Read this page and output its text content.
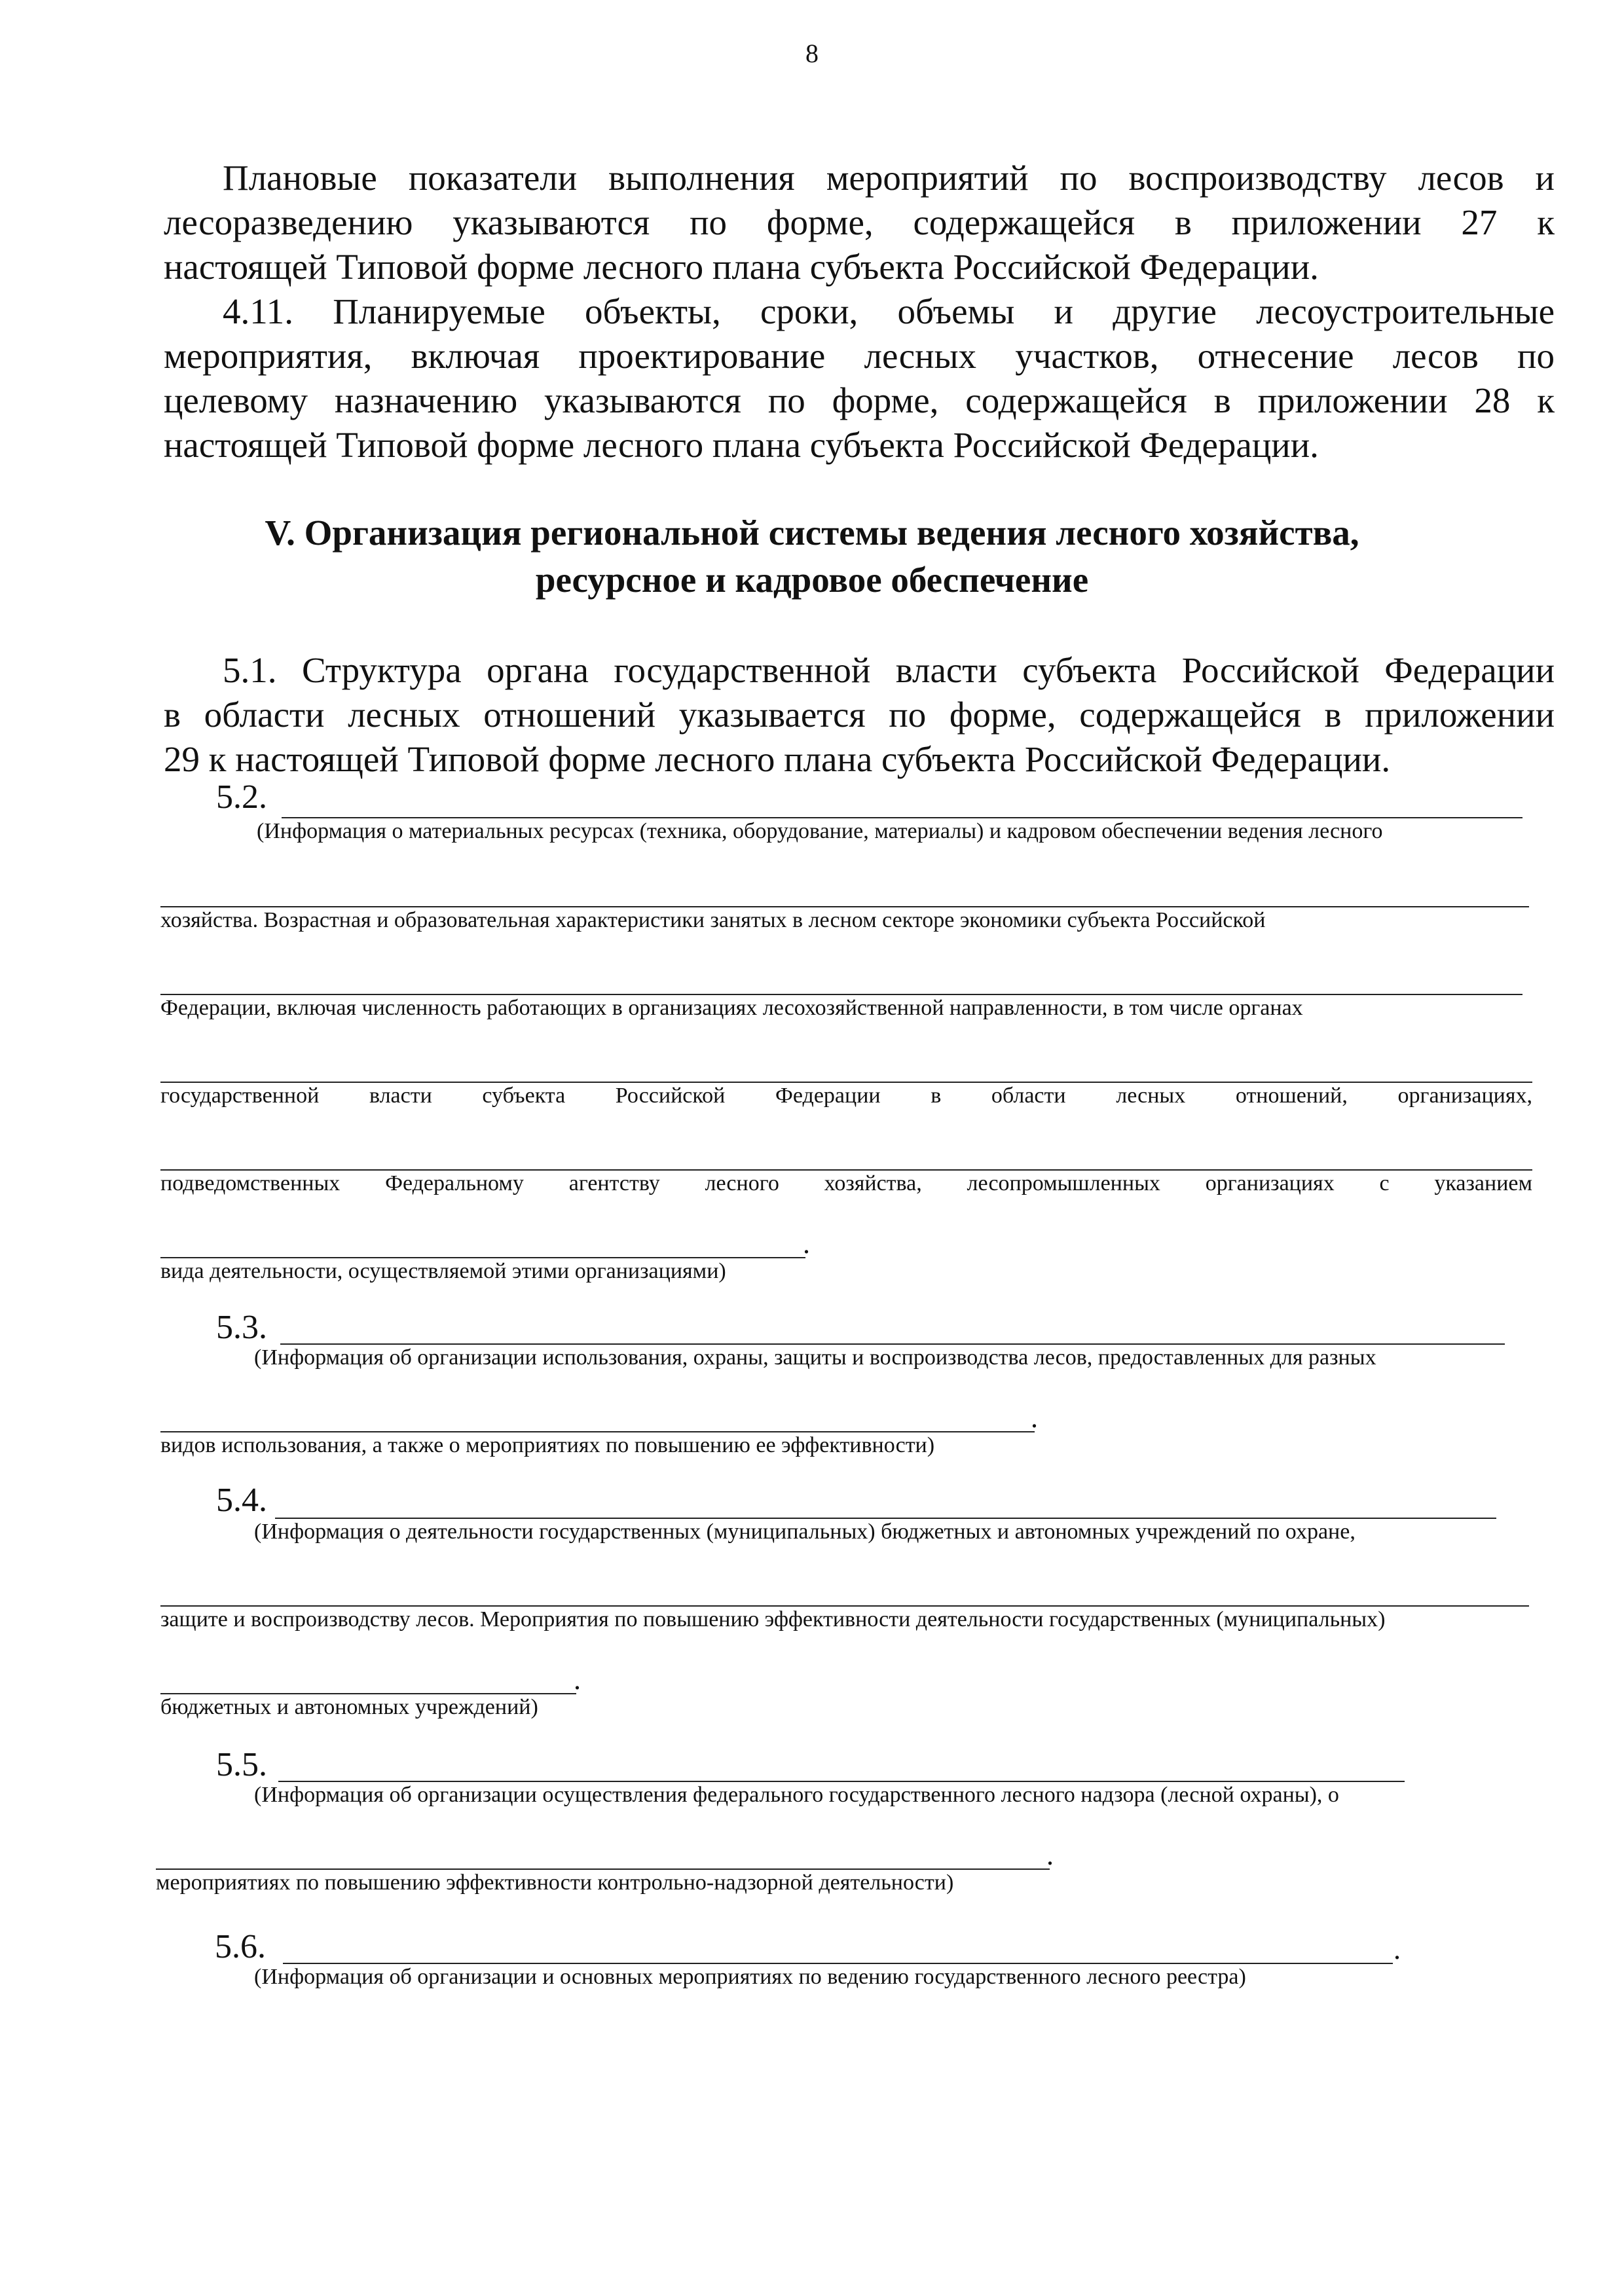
8
Плановые показатели выполнения мероприятий по воспроизводству лесов и
лесоразведению указываются по форме, содержащейся в приложении 27 к
настоящей Типовой форме лесного плана субъекта Российской Федерации.
4.11. Планируемые объекты, сроки, объемы и другие лесоустроительные
мероприятия, включая проектирование лесных участков, отнесение лесов по
целевому назначению указываются по форме, содержащейся в приложении 28 к
настоящей Типовой форме лесного плана субъекта Российской Федерации.
V. Организация региональной системы ведения лесного хозяйства,
ресурсное и кадровое обеспечение
5.1. Структура органа государственной власти субъекта Российской Федерации
в области лесных отношений указывается по форме, содержащейся в приложении
29 к настоящей Типовой форме лесного плана субъекта Российской Федерации.
5.2.
(Информация о материальных ресурсах (техника, оборудование, материалы) и кадровом обеспечении ведения лесного
хозяйства. Возрастная и образовательная характеристики занятых в лесном секторе экономики субъекта Российской
Федерации, включая численность работающих в организациях лесохозяйственной направленности, в том числе органах
государственной власти субъекта Российской Федерации в области лесных отношений, организациях,
подведомственных Федеральному агентству лесного хозяйства, лесопромышленных организациях с указанием
.
вида деятельности, осуществляемой этими организациями)
5.3.
(Информация об организации использования, охраны, защиты и воспроизводства лесов, предоставленных для разных
.
видов использования, а также о мероприятиях по повышению ее эффективности)
5.4.
(Информация о деятельности государственных (муниципальных) бюджетных и автономных учреждений по охране,
защите и воспроизводству лесов. Мероприятия по повышению эффективности деятельности государственных (муниципальных)
.
бюджетных и автономных учреждений)
5.5.
(Информация об организации осуществления федерального государственного лесного надзора (лесной охраны), о
.
мероприятиях по повышению эффективности контрольно-надзорной деятельности)
5.6.	.
(Информация об организации и основных мероприятиях по ведению государственного лесного реестра)
